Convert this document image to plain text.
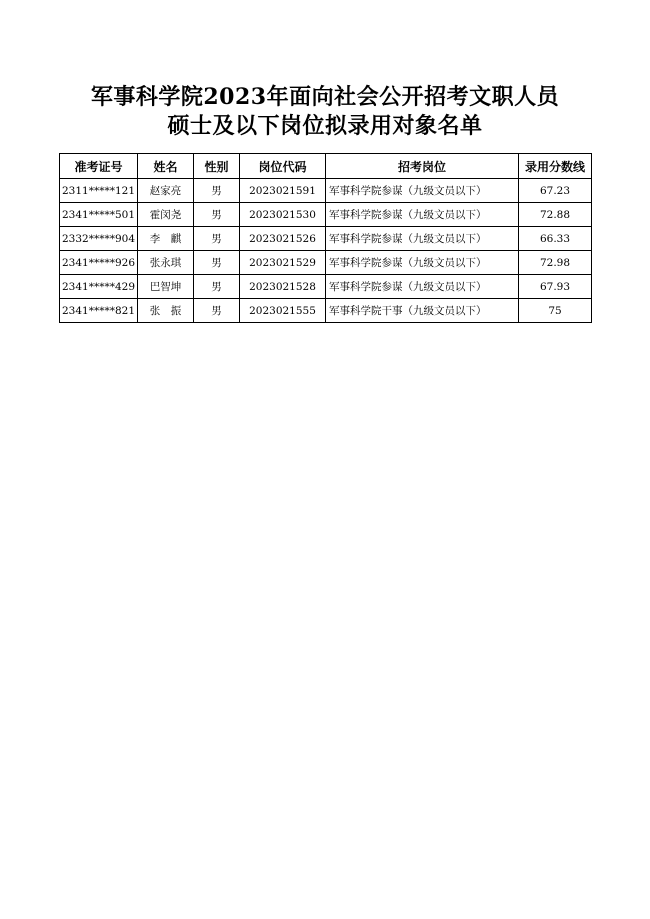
军事科学院2023年面向社会公开招考文职人员
硕士及以下岗位拟录用对象名单
准考证号	姓名	性别	岗位代码	招考岗位	录用分数线
2311*****121	赵家亮	男	2023021591	军事科学院参谋（九级文员以下）	67.23
2341*****501	霍闵尧	男	2023021530	军事科学院参谋（九级文员以下）	72.88
2332*****904	李　麒	男	2023021526	军事科学院参谋（九级文员以下）	66.33
2341*****926	张永琪	男	2023021529	军事科学院参谋（九级文员以下）	72.98
2341*****429	巴智坤	男	2023021528	军事科学院参谋（九级文员以下）	67.93
2341*****821	张　振	男	2023021555	军事科学院干事（九级文员以下）	75
